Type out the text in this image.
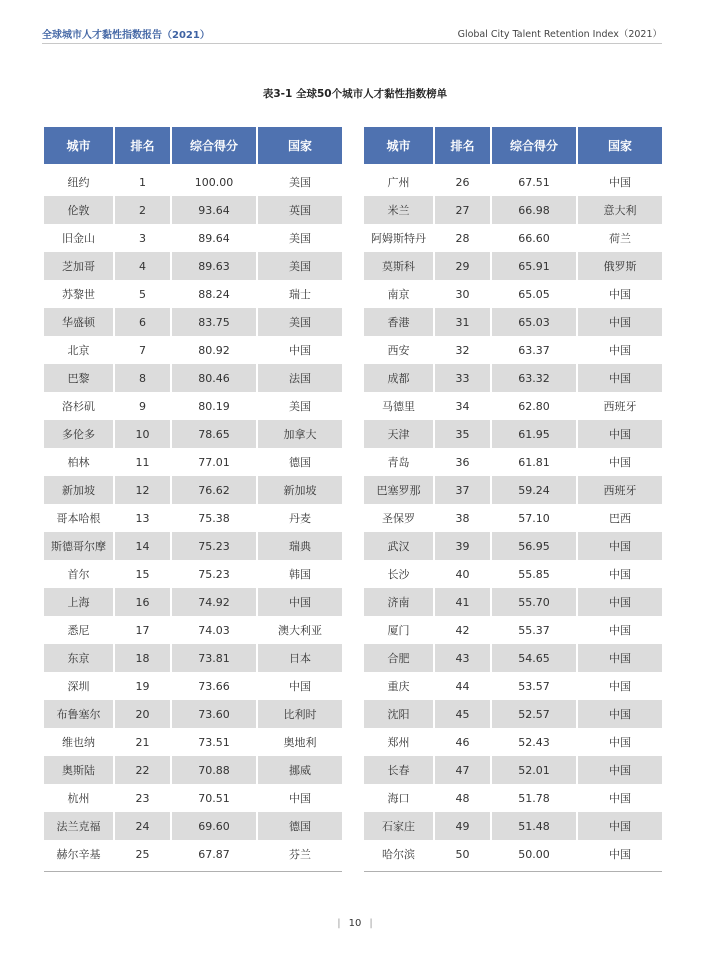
全球城市人才黏性指数报告（2021）	Global City Talent Retention Index（2021）
表3-1 全球50个城市人才黏性指数榜单
城市	排名	综合得分	国家
纽约	1	100.00	美国
伦敦	2	93.64	英国
旧金山	3	89.64	美国
芝加哥	4	89.63	美国
苏黎世	5	88.24	瑞士
华盛顿	6	83.75	美国
北京	7	80.92	中国
巴黎	8	80.46	法国
洛杉矶	9	80.19	美国
多伦多	10	78.65	加拿大
柏林	11	77.01	德国
新加坡	12	76.62	新加坡
哥本哈根	13	75.38	丹麦
斯德哥尔摩	14	75.23	瑞典
首尔	15	75.23	韩国
上海	16	74.92	中国
悉尼	17	74.03	澳大利亚
东京	18	73.81	日本
深圳	19	73.66	中国
布鲁塞尔	20	73.60	比利时
维也纳	21	73.51	奥地利
奥斯陆	22	70.88	挪威
杭州	23	70.51	中国
法兰克福	24	69.60	德国
赫尔辛基	25	67.87	芬兰
城市	排名	综合得分	国家
广州	26	67.51	中国
米兰	27	66.98	意大利
阿姆斯特丹	28	66.60	荷兰
莫斯科	29	65.91	俄罗斯
南京	30	65.05	中国
香港	31	65.03	中国
西安	32	63.37	中国
成都	33	63.32	中国
马德里	34	62.80	西班牙
天津	35	61.95	中国
青岛	36	61.81	中国
巴塞罗那	37	59.24	西班牙
圣保罗	38	57.10	巴西
武汉	39	56.95	中国
长沙	40	55.85	中国
济南	41	55.70	中国
厦门	42	55.37	中国
合肥	43	54.65	中国
重庆	44	53.57	中国
沈阳	45	52.57	中国
郑州	46	52.43	中国
长春	47	52.01	中国
海口	48	51.78	中国
石家庄	49	51.48	中国
哈尔滨	50	50.00	中国
| 10 |
